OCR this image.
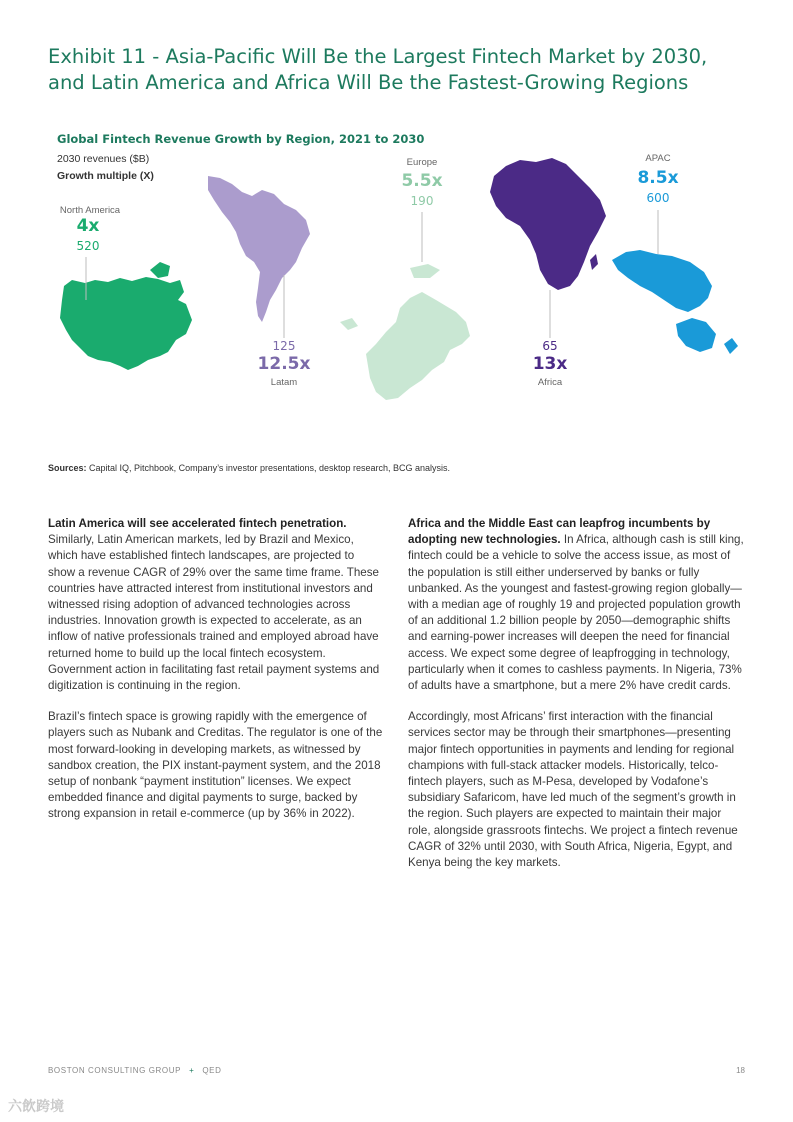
Exhibit 11 - Asia-Pacific Will Be the Largest Fintech Market by 2030, and Latin America and Africa Will Be the Fastest-Growing Regions
Global Fintech Revenue Growth by Region, 2021 to 2030
2030 revenues ($B)
Growth multiple (X)
North America
4x
520
125
12.5x
Latam
Europe
5.5x
190
65
13x
Africa
APAC
8.5x
600
Sources: Capital IQ, Pitchbook, Company’s investor presentations, desktop research, BCG analysis.

Latin America will see accelerated fintech penetration. Similarly, Latin American markets, led by Brazil and Mexico, which have established fintech landscapes, are projected to show a revenue CAGR of 29% over the same time frame. These countries have attracted interest from institutional investors and witnessed rising adoption of advanced technologies across industries. Innovation growth is expected to accelerate, as an inflow of native professionals trained and employed abroad have returned home to build up the local fintech ecosystem. Government action in facilitating fast retail payment systems and digitization is continuing in the region.

Brazil’s fintech space is growing rapidly with the emergence of players such as Nubank and Creditas. The regulator is one of the most forward-looking in developing markets, as witnessed by sandbox creation, the PIX instant-payment system, and the 2018 setup of nonbank “payment institution” licenses. We expect embedded finance and digital payments to surge, backed by strong expansion in retail e-commerce (up by 36% in 2022).

Africa and the Middle East can leapfrog incumbents by adopting new technologies. In Africa, although cash is still king, fintech could be a vehicle to solve the access issue, as most of the population is still either underserved by banks or fully unbanked. As the youngest and fastest-growing region globally—with a median age of roughly 19 and projected population growth of an additional 1.2 billion people by 2050—demographic shifts and earning-power increases will deepen the need for financial access. We expect some degree of leapfrogging in technology, particularly when it comes to cashless payments. In Nigeria, 73% of adults have a smartphone, but a mere 2% have credit cards.

Accordingly, most Africans’ first interaction with the financial services sector may be through their smartphones—presenting major fintech opportunities in payments and lending for regional champions with full-stack attacker models. Historically, telco-fintech players, such as M-Pesa, developed by Vodafone’s subsidiary Safaricom, have led much of the segment’s growth in the region. Such players are expected to maintain their major role, alongside grassroots fintechs. We project a fintech revenue CAGR of 32% until 2030, with South Africa, Nigeria, Egypt, and Kenya being the key markets.

BOSTON CONSULTING GROUP + QED	18
六飲跨境
